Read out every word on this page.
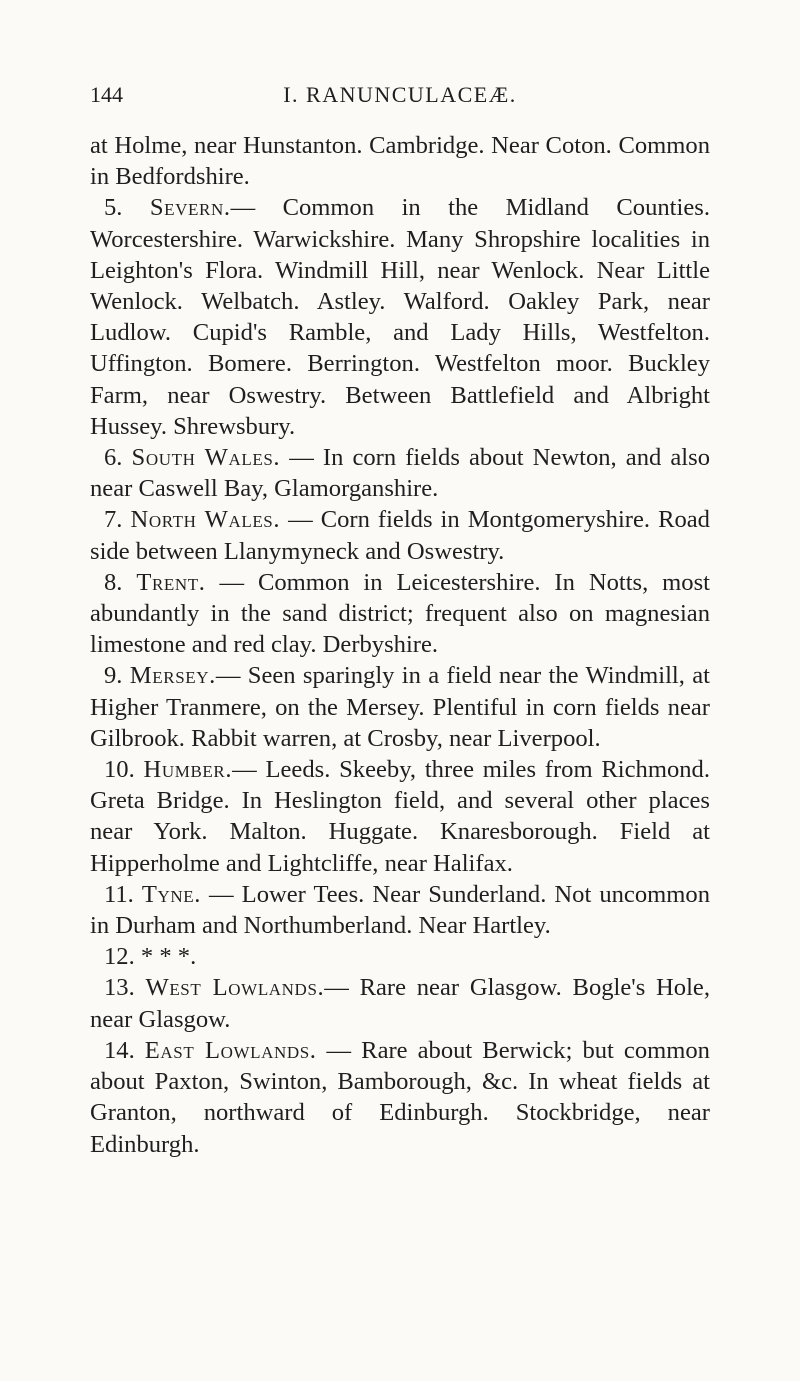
144	I. RANUNCULACEÆ.

at Holme, near Hunstanton. Cambridge. Near Coton. Common in Bedfordshire.

5. Severn.— Common in the Midland Counties. Worcestershire. Warwickshire. Many Shropshire localities in Leighton's Flora. Windmill Hill, near Wenlock. Near Little Wenlock. Welbatch. Astley. Walford. Oakley Park, near Ludlow. Cupid's Ramble, and Lady Hills, Westfelton. Uffington. Bomere. Berrington. Westfelton moor. Buckley Farm, near Oswestry. Between Battlefield and Albright Hussey. Shrewsbury.

6. South Wales. — In corn fields about Newton, and also near Caswell Bay, Glamorganshire.

7. North Wales. — Corn fields in Montgomeryshire. Road side between Llanymyneck and Oswestry.

8. Trent. — Common in Leicestershire. In Notts, most abundantly in the sand district; frequent also on magnesian limestone and red clay. Derbyshire.

9. Mersey.— Seen sparingly in a field near the Windmill, at Higher Tranmere, on the Mersey. Plentiful in corn fields near Gilbrook. Rabbit warren, at Crosby, near Liverpool.

10. Humber.— Leeds. Skeeby, three miles from Richmond. Greta Bridge. In Heslington field, and several other places near York. Malton. Huggate. Knaresborough. Field at Hipperholme and Lightcliffe, near Halifax.

11. Tyne. — Lower Tees. Near Sunderland. Not uncommon in Durham and Northumberland. Near Hartley.

12. * * *.

13. West Lowlands.— Rare near Glasgow. Bogle's Hole, near Glasgow.

14. East Lowlands. — Rare about Berwick; but common about Paxton, Swinton, Bamborough, &c. In wheat fields at Granton, northward of Edinburgh. Stockbridge, near Edinburgh.
